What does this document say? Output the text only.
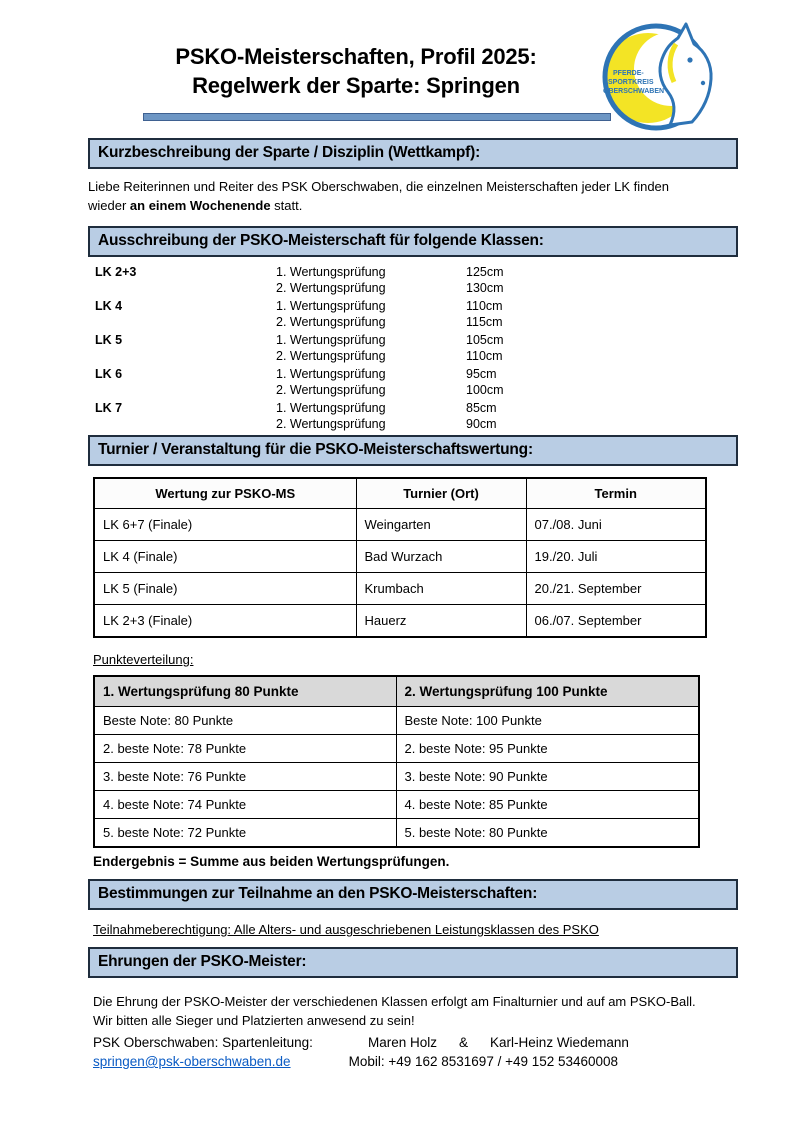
PFERDE-
SPORTKREIS
OBERSCHWABEN
PSKO-Meisterschaften, Profil 2025:
Regelwerk der Sparte: Springen
Kurzbeschreibung der Sparte / Disziplin (Wettkampf):

Liebe Reiterinnen und Reiter des PSK Oberschwaben, die einzelnen Meisterschaften jeder LK finden wieder an einem Wochenende statt.

Ausschreibung der PSKO-Meisterschaft für folgende Klassen:
LK 2+3	1. Wertungsprüfung	125cm
2. Wertungsprüfung	130cm
LK 4	1. Wertungsprüfung	110cm
2. Wertungsprüfung	115cm
LK 5	1. Wertungsprüfung	105cm
2. Wertungsprüfung	110cm
LK 6	1. Wertungsprüfung	95cm
2. Wertungsprüfung	100cm
LK 7	1. Wertungsprüfung	85cm
2. Wertungsprüfung	90cm
Turnier / Veranstaltung für die PSKO-Meisterschaftswertung:
Wertung zur PSKO-MS	Turnier (Ort)	Termin
LK 6+7 (Finale)	Weingarten	07./08. Juni
LK 4 (Finale)	Bad Wurzach	19./20. Juli
LK 5 (Finale)	Krumbach	20./21. September
LK 2+3 (Finale)	Hauerz	06./07. September
Punkteverteilung:
1. Wertungsprüfung 80 Punkte	2. Wertungsprüfung 100 Punkte
Beste Note: 80 Punkte	Beste Note: 100 Punkte
2. beste Note: 78 Punkte	2. beste Note: 95 Punkte
3. beste Note: 76 Punkte	3. beste Note: 90 Punkte
4. beste Note: 74 Punkte	4. beste Note: 85 Punkte
5. beste Note: 72 Punkte	5. beste Note: 80 Punkte
Endergebnis = Summe aus beiden Wertungsprüfungen.
Bestimmungen zur Teilnahme an den PSKO-Meisterschaften:
Teilnahmeberechtigung: Alle Alters- und ausgeschriebenen Leistungsklassen des PSKO
Ehrungen der PSKO-Meister:

Die Ehrung der PSKO-Meister der verschiedenen Klassen erfolgt am Finalturnier und auf am PSKO-Ball. Wir bitten alle Sieger und Platzierten anwesend zu sein!

PSK Oberschwaben: Spartenleitung:	Maren Holz & Karl-Heinz Wiedemann
springen@psk-oberschwaben.de	Mobil: +49 162 8531697 / +49 152 53460008
